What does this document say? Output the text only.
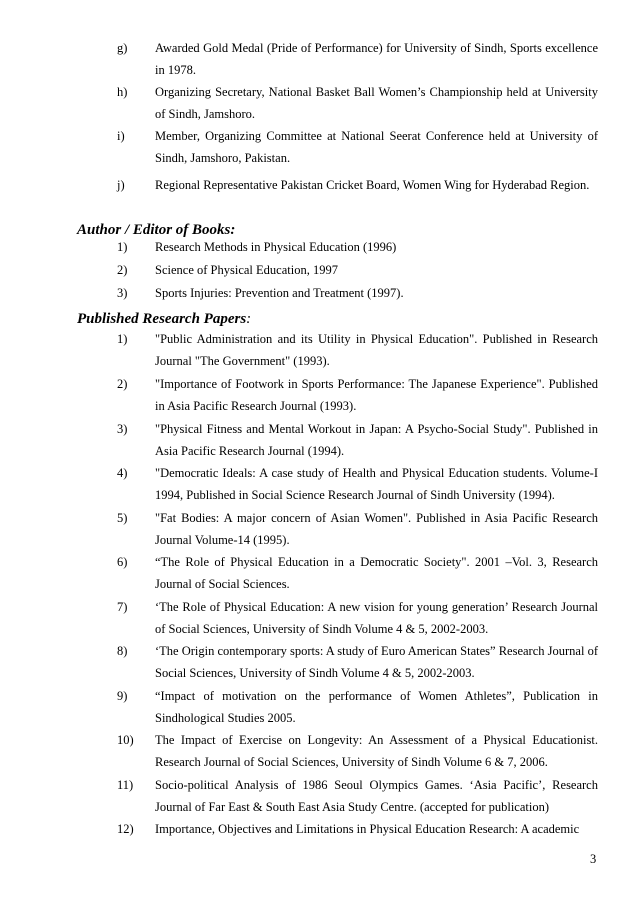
g) Awarded Gold Medal (Pride of Performance) for University of Sindh, Sports excellence in 1978.
h) Organizing Secretary, National Basket Ball Women’s Championship held at University of Sindh, Jamshoro.
i) Member, Organizing Committee at National Seerat Conference held at University of Sindh, Jamshoro, Pakistan.
j) Regional Representative Pakistan Cricket Board, Women Wing for Hyderabad Region.
Author / Editor of Books:
1) Research Methods in Physical Education (1996)
2) Science of Physical Education, 1997
3) Sports Injuries: Prevention and Treatment (1997).
Published Research Papers:
1) "Public Administration and its Utility in Physical Education". Published in Research Journal "The Government" (1993).
2) "Importance of Footwork in Sports Performance: The Japanese Experience". Published in Asia Pacific Research Journal (1993).
3) "Physical Fitness and Mental Workout in Japan: A Psycho-Social Study". Published in Asia Pacific Research Journal (1994).
4) "Democratic Ideals: A case study of Health and Physical Education students. Volume-I 1994, Published in Social Science Research Journal of Sindh University (1994).
5) "Fat Bodies: A major concern of Asian Women". Published in Asia Pacific Research Journal Volume-14 (1995).
6) “The Role of Physical Education in a Democratic Society". 2001 –Vol. 3, Research Journal of Social Sciences.
7) ‘The Role of Physical Education: A new vision for young generation’ Research Journal of Social Sciences, University of Sindh Volume 4 & 5, 2002-2003.
8) ‘The Origin contemporary sports: A study of Euro American States” Research Journal of Social Sciences, University of Sindh Volume 4 & 5, 2002-2003.
9) “Impact of motivation on the performance of Women Athletes”, Publication in Sindhological Studies 2005.
10) The Impact of Exercise on Longevity: An Assessment of a Physical Educationist. Research Journal of Social Sciences, University of Sindh Volume 6 & 7, 2006.
11) Socio-political Analysis of 1986 Seoul Olympics Games. ‘Asia Pacific’, Research Journal of Far East & South East Asia Study Centre. (accepted for publication)
12) Importance, Objectives and Limitations in Physical Education Research: A academic
3
